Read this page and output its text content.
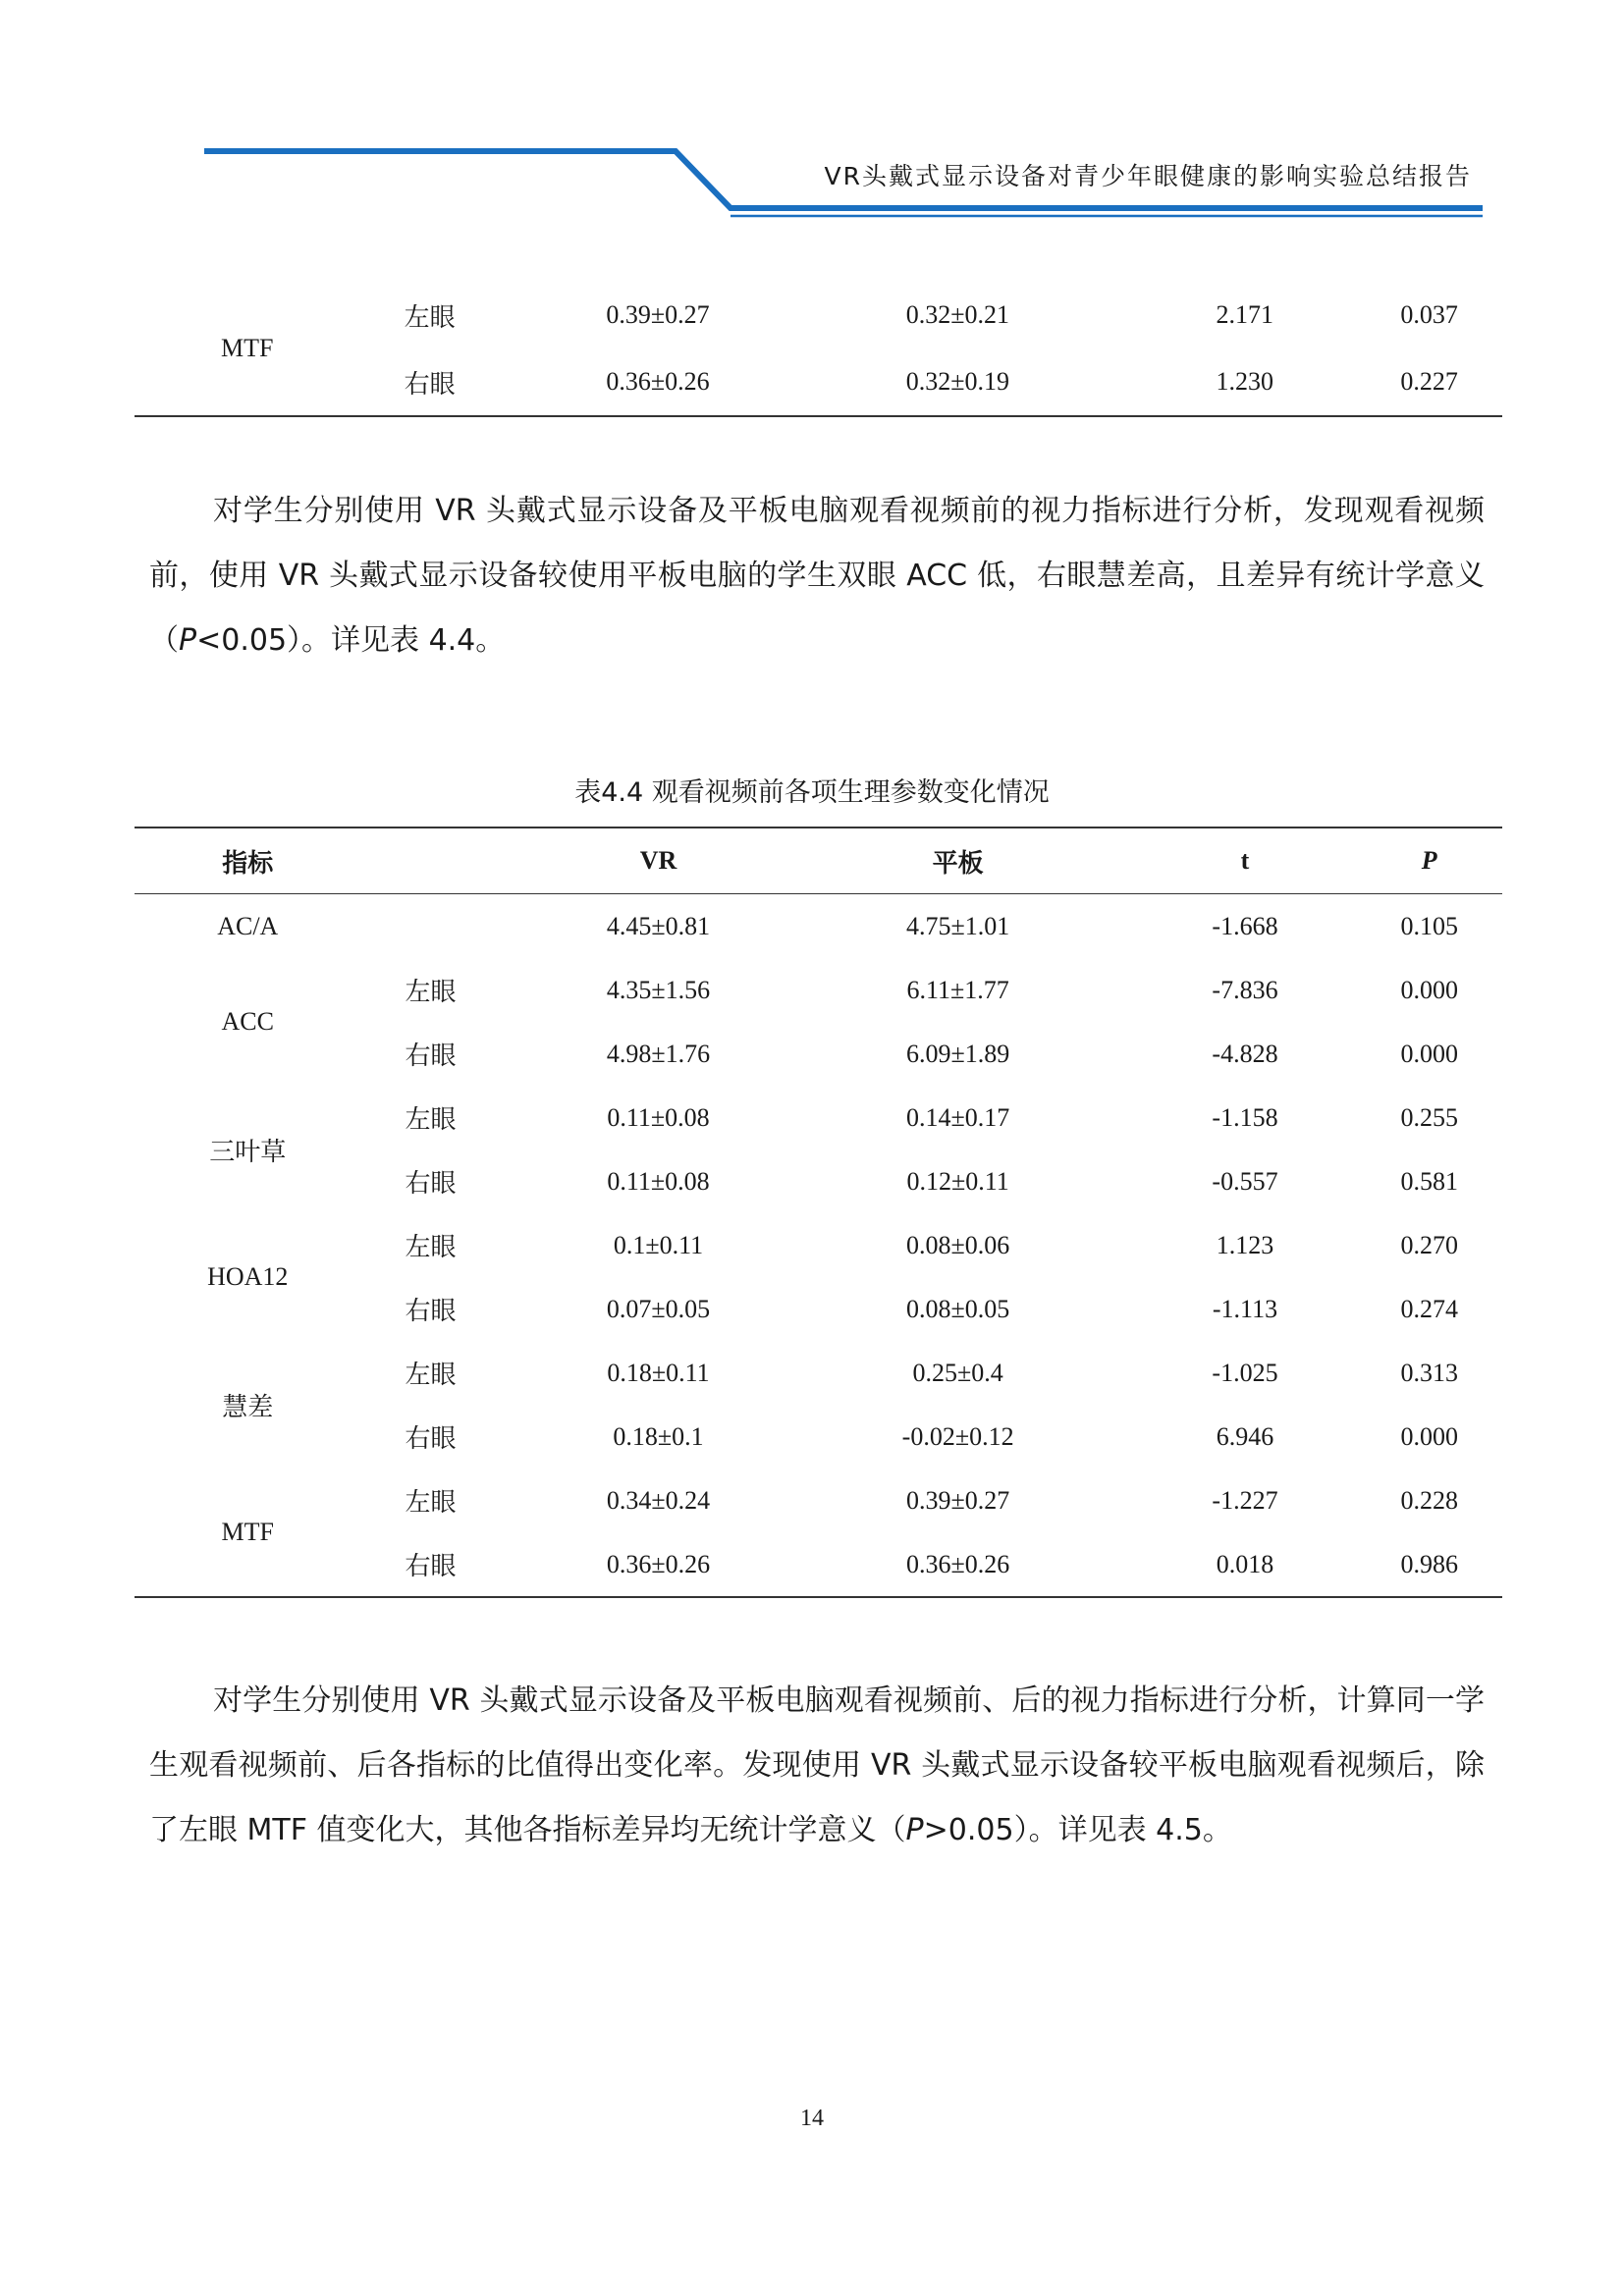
VR头戴式显示设备对青少年眼健康的影响实验总结报告
MTF	左眼	0.39±0.27	0.32±0.21	2.171	0.037
	右眼	0.36±0.26	0.32±0.19	1.230	0.227

对学生分别使用 VR 头戴式显示设备及平板电脑观看视频前的视力指标进行分析，发现观看视频前，使用 VR 头戴式显示设备较使用平板电脑的学生双眼 ACC 低，右眼慧差高，且差异有统计学意义（P<0.05）。详见表 4.4。

表4.4 观看视频前各项生理参数变化情况
指标		VR	平板	t	P
AC/A		4.45±0.81	4.75±1.01	-1.668	0.105
ACC	左眼	4.35±1.56	6.11±1.77	-7.836	0.000
	右眼	4.98±1.76	6.09±1.89	-4.828	0.000
三叶草	左眼	0.11±0.08	0.14±0.17	-1.158	0.255
	右眼	0.11±0.08	0.12±0.11	-0.557	0.581
HOA12	左眼	0.1±0.11	0.08±0.06	1.123	0.270
	右眼	0.07±0.05	0.08±0.05	-1.113	0.274
慧差	左眼	0.18±0.11	0.25±0.4	-1.025	0.313
	右眼	0.18±0.1	-0.02±0.12	6.946	0.000
MTF	左眼	0.34±0.24	0.39±0.27	-1.227	0.228
	右眼	0.36±0.26	0.36±0.26	0.018	0.986

对学生分别使用 VR 头戴式显示设备及平板电脑观看视频前、后的视力指标进行分析，计算同一学生观看视频前、后各指标的比值得出变化率。发现使用 VR 头戴式显示设备较平板电脑观看视频后，除了左眼 MTF 值变化大，其他各指标差异均无统计学意义（P>0.05）。详见表 4.5。

14
